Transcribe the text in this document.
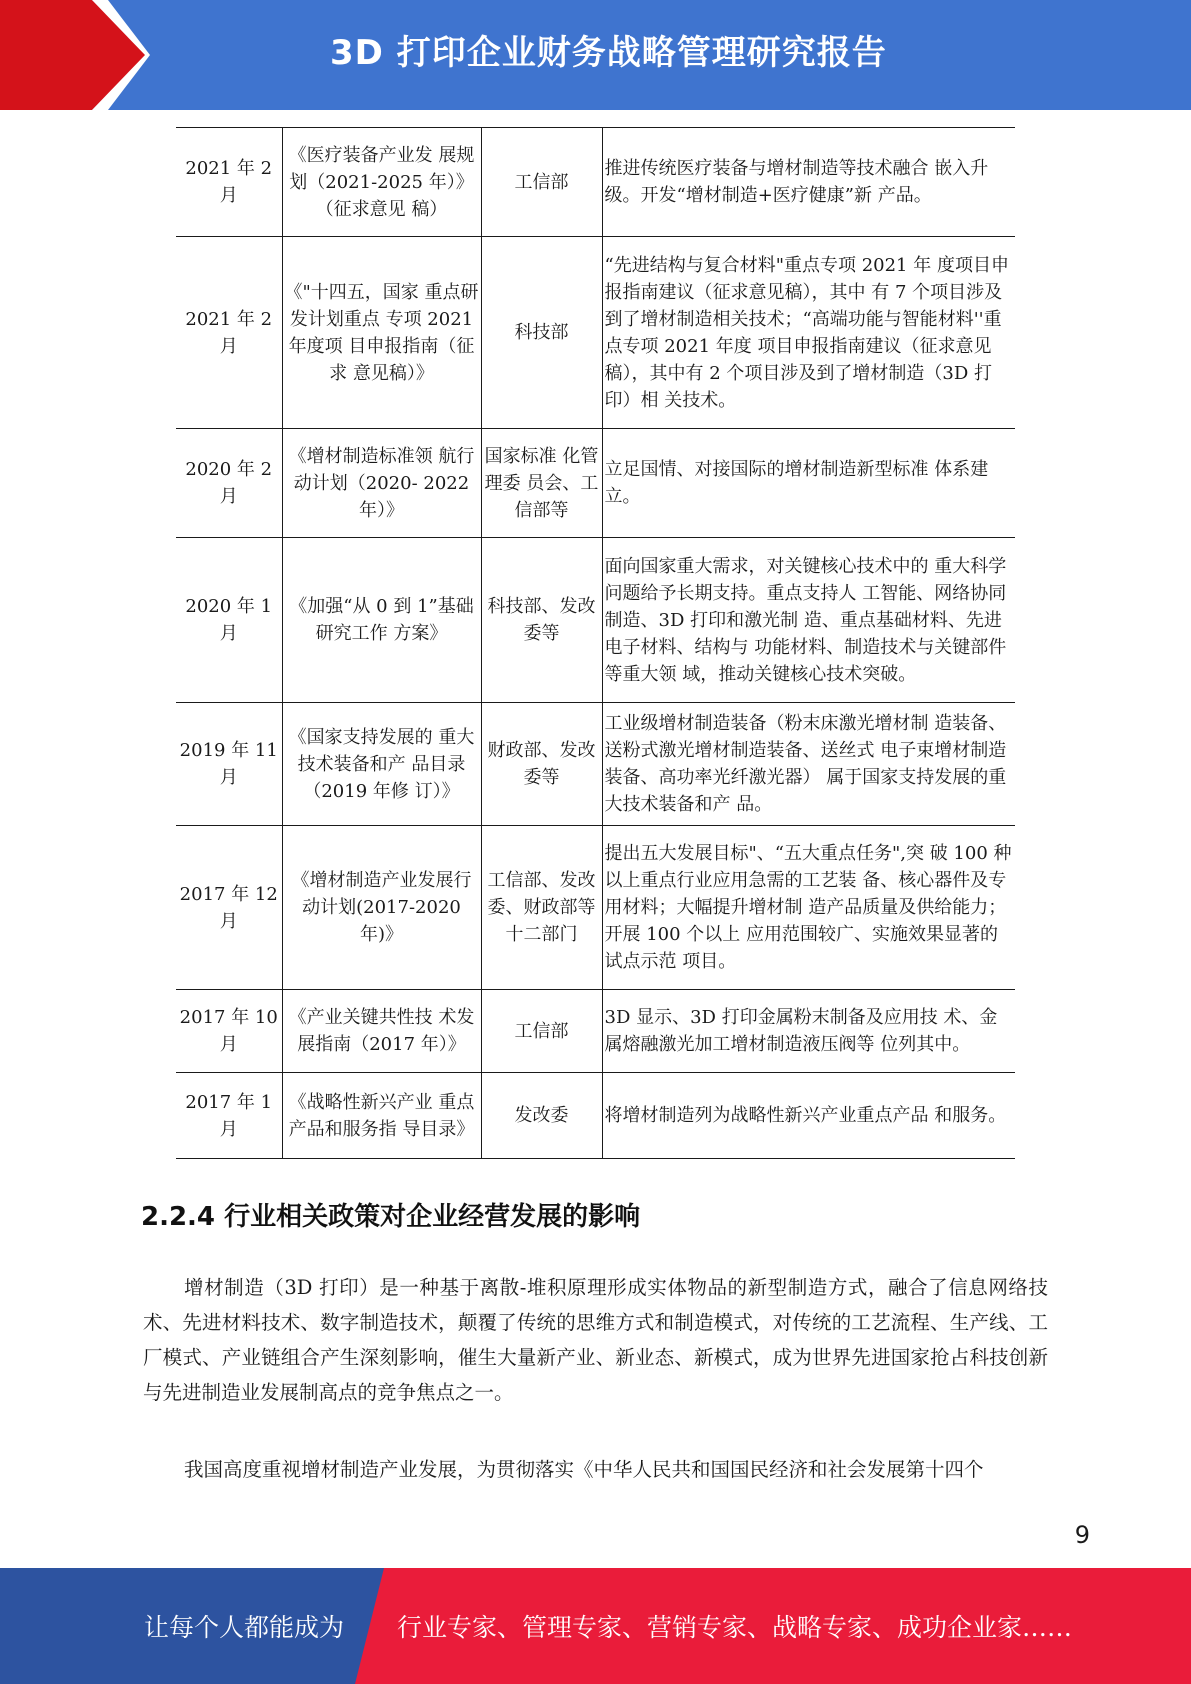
3D 打印企业财务战略管理研究报告
2021 年 2 月	《医疗装备产业发 展规划（2021-2025 年）》（征求意见 稿）	工信部	推进传统医疗装备与增材制造等技术融合 嵌入升级。开发“增材制造+医疗健康”新 产品。
2021 年 2 月	《"十四五，国家 重点研发计划重点 专项 2021 年度项 目申报指南（征求 意见稿）》	科技部	“先进结构与复合材料"重点专项 2021 年 度项目申报指南建议（征求意见稿），其中 有 7 个项目涉及到了增材制造相关技术；“高端功能与智能材料''重点专项 2021 年度 项目申报指南建议（征求意见稿），其中有 2 个项目涉及到了增材制造（3D 打印）相 关技术。
2020 年 2 月	《增材制造标准领 航行动计划（2020- 2022 年）》	国家标准 化管理委 员会、工 信部等	立足国情、对接国际的增材制造新型标准 体系建立。
2020 年 1 月	《加强“从 0 到 1”基础研究工作 方案》	科技部、发改委等	面向国家重大需求，对关键核心技术中的 重大科学问题给予长期支持。重点支持人 工智能、网络协同制造、3D 打印和激光制 造、重点基础材料、先进电子材料、结构与 功能材料、制造技术与关键部件等重大领 域，推动关键核心技术突破。
2019 年 11 月	《国家支持发展的 重大技术装备和产 品目录（2019 年修 订）》	财政部、发改委等	工业级增材制造装备（粉末床激光增材制 造装备、送粉式激光增材制造装备、送丝式 电子束增材制造装备、高功率光纤激光器） 属于国家支持发展的重大技术装备和产 品。
2017 年 12 月	《增材制造产业发展行动计划(2017-2020 年)》	工信部、发改委、财政部等十二部门	提出五大发展目标"、“五大重点任务",突 破 100 种以上重点行业应用急需的工艺装 备、核心器件及专用材料；大幅提升增材制 造产品质量及供给能力；开展 100 个以上 应用范围较广、实施效果显著的试点示范 项目。
2017 年 10 月	《产业关键共性技 术发展指南（2017 年）》	工信部	3D 显示、3D 打印金属粉末制备及应用技 术、金属熔融激光加工增材制造液压阀等 位列其中。
2017 年 1 月	《战略性新兴产业 重点产品和服务指 导目录》	发改委	将增材制造列为战略性新兴产业重点产品 和服务。
2.2.4 行业相关政策对企业经营发展的影响

增材制造（3D 打印）是一种基于离散-堆积原理形成实体物品的新型制造方式，融合了信息网络技术、先进材料技术、数字制造技术，颠覆了传统的思维方式和制造模式，对传统的工艺流程、生产线、工厂模式、产业链组合产生深刻影响，催生大量新产业、新业态、新模式，成为世界先进国家抢占科技创新与先进制造业发展制高点的竞争焦点之一。

我国高度重视增材制造产业发展，为贯彻落实《中华人民共和国国民经济和社会发展第十四个

9
让每个人都能成为 行业专家、管理专家、营销专家、战略专家、成功企业家……
